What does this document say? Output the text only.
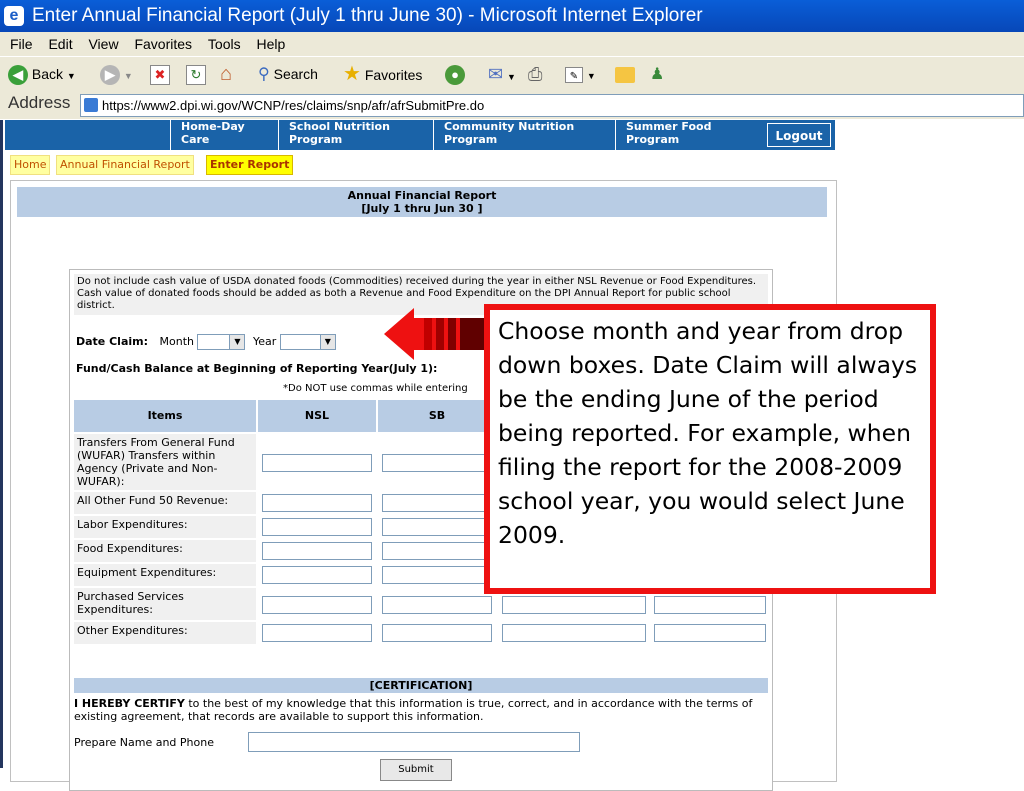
e Enter Annual Financial Report (July 1 thru June 30) - Microsoft Internet Explorer
File Edit View Favorites Tools Help
◀ Back ▼	▶ ▼	✖	↻ ⌂ ⚲ Search ★ Favorites	●	✉ ▼ ⎙	✎ ▼	♟
Address	https://www2.dpi.wi.gov/WCNP/res/claims/snp/afr/afrSubmitPre.do
Home-Day
Care
School Nutrition
Program
Community Nutrition
Program
Summer Food
Program	Logout
Home	Annual Financial Report	Enter Report
Annual Financial Report
[July 1 thru Jun 30 ]
Do not include cash value of USDA donated foods (Commodities) received during the year in either NSL Revenue or Food Expenditures. Cash value of donated foods should be added as both a Revenue and Food Expenditure on the DPI Annual Report for public school district.
Date Claim: Month	▼	Year	▼
Fund/Cash Balance at Beginning of Reporting Year(July 1):
*Do NOT use commas while entering
Items	NSL	SB
Transfers From General Fund (WUFAR) Transfers within Agency (Private and Non-WUFAR):
All Other Fund 50 Revenue:
Labor Expenditures:
Food Expenditures:
Equipment Expenditures:
Purchased Services Expenditures:
Other Expenditures:
[CERTIFICATION]
I HEREBY CERTIFY to the best of my knowledge that this information is true, correct, and in accordance with the terms of existing agreement, that records are available to support this information.
Prepare Name and Phone
Submit
Choose month and year from drop down boxes. Date Claim will always be the ending June of the period being reported. For example, when filing the report for the 2008-2009 school year, you would select June 2009.
